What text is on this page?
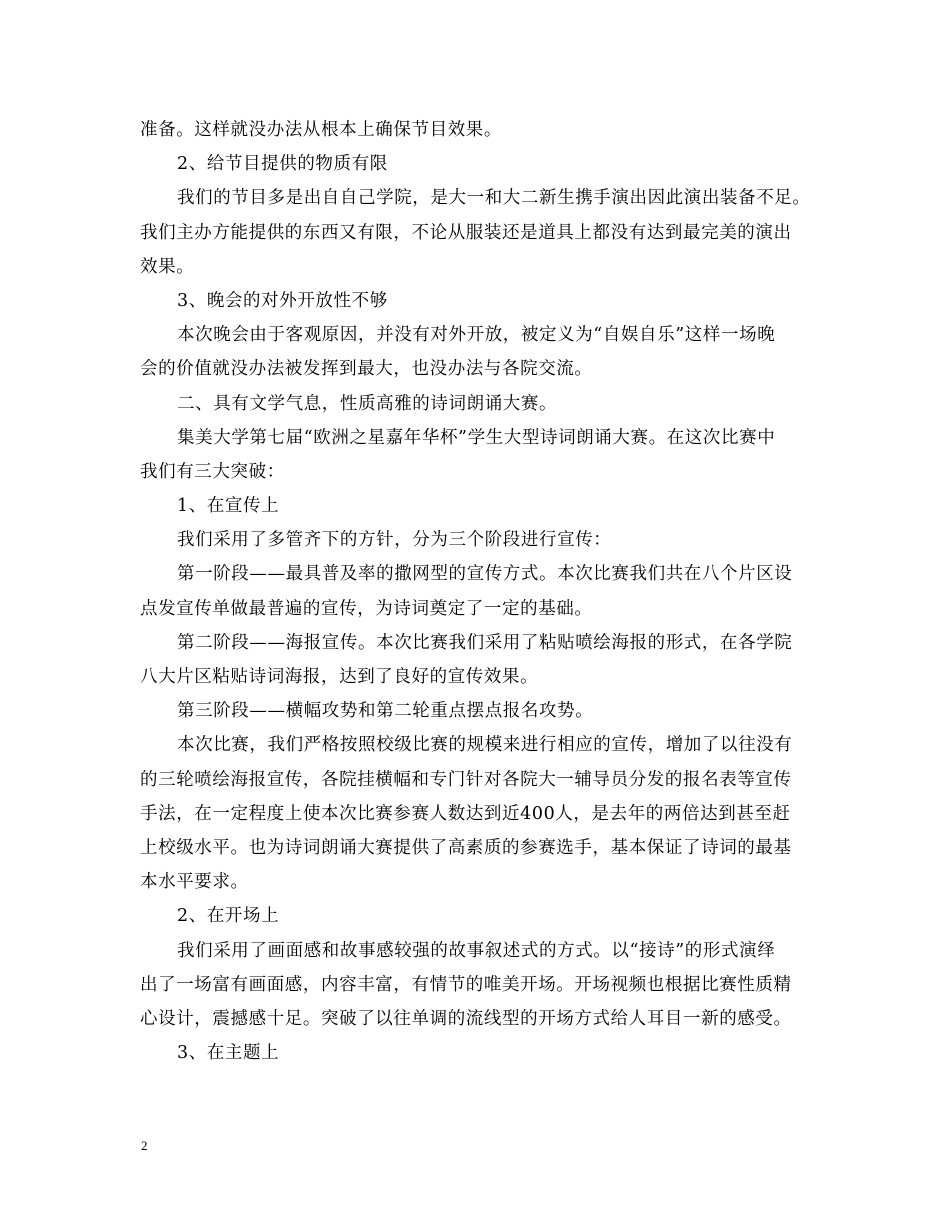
准备。这样就没办法从根本上确保节目效果。
2、给节目提供的物质有限
我们的节目多是出自自己学院，是大一和大二新生携手演出因此演出装备不足。
我们主办方能提供的东西又有限，不论从服装还是道具上都没有达到最完美的演出
效果。
3、晚会的对外开放性不够
本次晚会由于客观原因，并没有对外开放，被定义为“自娱自乐”这样一场晚
会的价值就没办法被发挥到最大，也没办法与各院交流。
二、具有文学气息，性质高雅的诗词朗诵大赛。
集美大学第七届“欧洲之星嘉年华杯”学生大型诗词朗诵大赛。在这次比赛中
我们有三大突破：
1、在宣传上
我们采用了多管齐下的方针，分为三个阶段进行宣传：
第一阶段——最具普及率的撒网型的宣传方式。本次比赛我们共在八个片区设
点发宣传单做最普遍的宣传，为诗词奠定了一定的基础。
第二阶段——海报宣传。本次比赛我们采用了粘贴喷绘海报的形式，在各学院
八大片区粘贴诗词海报，达到了良好的宣传效果。
第三阶段——横幅攻势和第二轮重点摆点报名攻势。
本次比赛，我们严格按照校级比赛的规模来进行相应的宣传，增加了以往没有
的三轮喷绘海报宣传，各院挂横幅和专门针对各院大一辅导员分发的报名表等宣传
手法，在一定程度上使本次比赛参赛人数达到近400人，是去年的两倍达到甚至赶
上校级水平。也为诗词朗诵大赛提供了高素质的参赛选手，基本保证了诗词的最基
本水平要求。
2、在开场上
我们采用了画面感和故事感较强的故事叙述式的方式。以“接诗”的形式演绎
出了一场富有画面感，内容丰富，有情节的唯美开场。开场视频也根据比赛性质精
心设计，震撼感十足。突破了以往单调的流线型的开场方式给人耳目一新的感受。
3、在主题上
2
